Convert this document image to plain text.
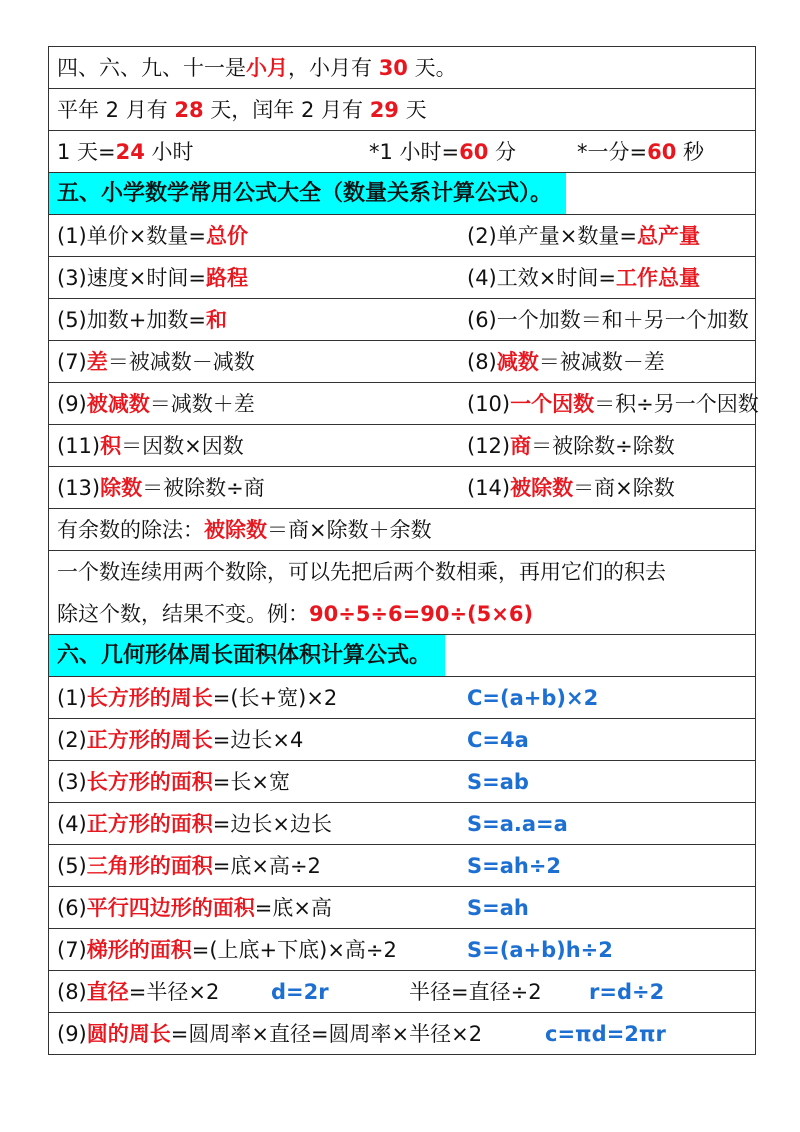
四、六、九、十一是小月，小月有 30 天。
平年 2 月有 28 天，闰年 2 月有 29 天
1 天=24 小时	*1 小时=60 分	*一分=60 秒
五、小学数学常用公式大全（数量关系计算公式）。
(1)单价×数量=总价	(2)单产量×数量=总产量
(3)速度×时间=路程	(4)工效×时间=工作总量
(5)加数+加数=和	(6)一个加数＝和＋另一个加数
(7)差＝被减数－减数	(8)减数＝被减数－差
(9)被减数＝减数＋差	(10)一个因数＝积÷另一个因数
(11)积＝因数×因数	(12)商＝被除数÷除数
(13)除数＝被除数÷商	(14)被除数＝商×除数
有余数的除法：被除数＝商×除数＋余数
一个数连续用两个数除，可以先把后两个数相乘，再用它们的积去
除这个数，结果不变。例：90÷5÷6=90÷(5×6)
六、几何形体周长面积体积计算公式。
(1)长方形的周长=(长+宽)×2	C=(a+b)×2
(2)正方形的周长=边长×4	C=4a
(3)长方形的面积=长×宽	S=ab
(4)正方形的面积=边长×边长	S=a.a=a
(5)三角形的面积=底×高÷2	S=ah÷2
(6)平行四边形的面积=底×高	S=ah
(7)梯形的面积=(上底+下底)×高÷2	S=(a+b)h÷2
(8)直径=半径×2 d=2r	半径=直径÷2 r=d÷2
(9)圆的周长=圆周率×直径=圆周率×半径×2	c=πd=2πr
